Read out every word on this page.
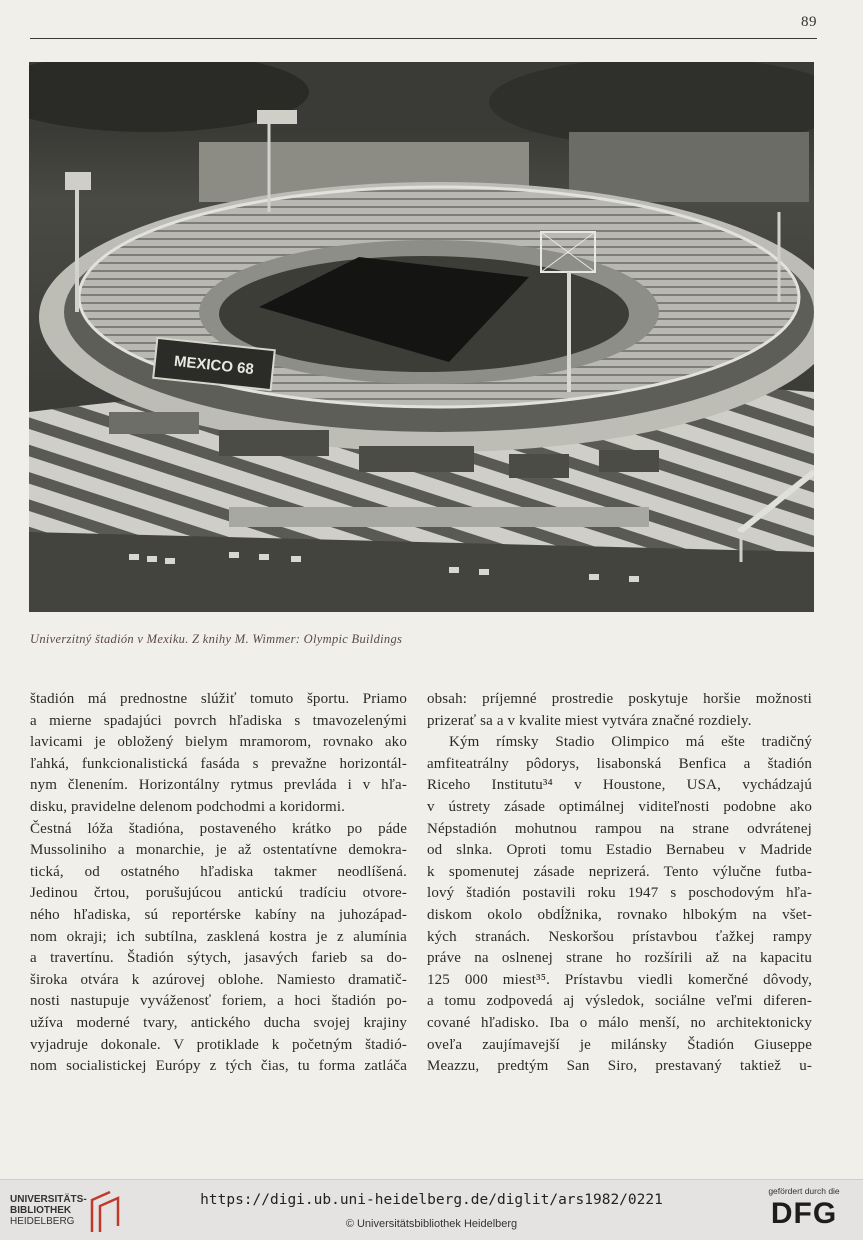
89
MEXICO 68
Univerzitný štadión v Mexiku. Z knihy M. Wimmer: Olympic Buildings
štadión má prednostne slúžiť tomuto športu. Priamo
a mierne spadajúci povrch hľadiska s tmavozelenými
lavicami je obložený bielym mramorom, rovnako ako
ľahká, funkcionalistická fasáda s prevažne horizontál-
nym členením. Horizontálny rytmus prevláda i v hľa-
disku, pravidelne delenom podchodmi a koridormi.
Čestná lóža štadióna, postaveného krátko po páde
Mussoliniho a monarchie, je až ostentatívne demokra-
tická, od ostatného hľadiska takmer neodlíšená.
Jedinou črtou, porušujúcou antickú tradíciu otvore-
ného hľadiska, sú reportérske kabíny na juhozápad-
nom okraji; ich subtílna, zasklená kostra je z alumínia
a travertínu. Štadión sýtych, jasavých farieb sa do-
široka otvára k azúrovej oblohe. Namiesto dramatič-
nosti nastupuje vyváženosť foriem, a hoci štadión po-
užíva moderné tvary, antického ducha svojej krajiny
vyjadruje dokonale. V protiklade k početným štadió-
nom socialistickej Európy z tých čias, tu forma zatláča
obsah: príjemné prostredie poskytuje horšie možnosti
prizerať sa a v kvalite miest vytvára značné rozdiely.
Kým rímsky Stadio Olimpico má ešte tradičný
amfiteatrálny pôdorys, lisabonská Benfica a štadión
Riceho Institutu³⁴ v Houstone, USA, vychádzajú
v ústrety zásade optimálnej viditeľnosti podobne ako
Népstadión mohutnou rampou na strane odvrátenej
od slnka. Oproti tomu Estadio Bernabeu v Madride
k spomenutej zásade neprizerá. Tento výlučne futba-
lový štadión postavili roku 1947 s poschodovým hľa-
diskom okolo obdĺžnika, rovnako hlbokým na všet-
kých stranách. Neskoršou prístavbou ťažkej rampy
práve na oslnenej strane ho rozšírili až na kapacitu
125 000 miest³⁵. Prístavbu viedli komerčné dôvody,
a tomu zodpovedá aj výsledok, sociálne veľmi diferen-
cované hľadisko. Iba o málo menší, no architektonicky
oveľa zaujímavejší je milánsky Štadión Giuseppe
Meazzu, predtým San Siro, prestavaný taktiež u-
UNIVERSITÄTS-
BIBLIOTHEK
HEIDELBERG
https://digi.ub.uni-heidelberg.de/diglit/ars1982/0221
© Universitätsbibliothek Heidelberg
gefördert durch die
DFG
